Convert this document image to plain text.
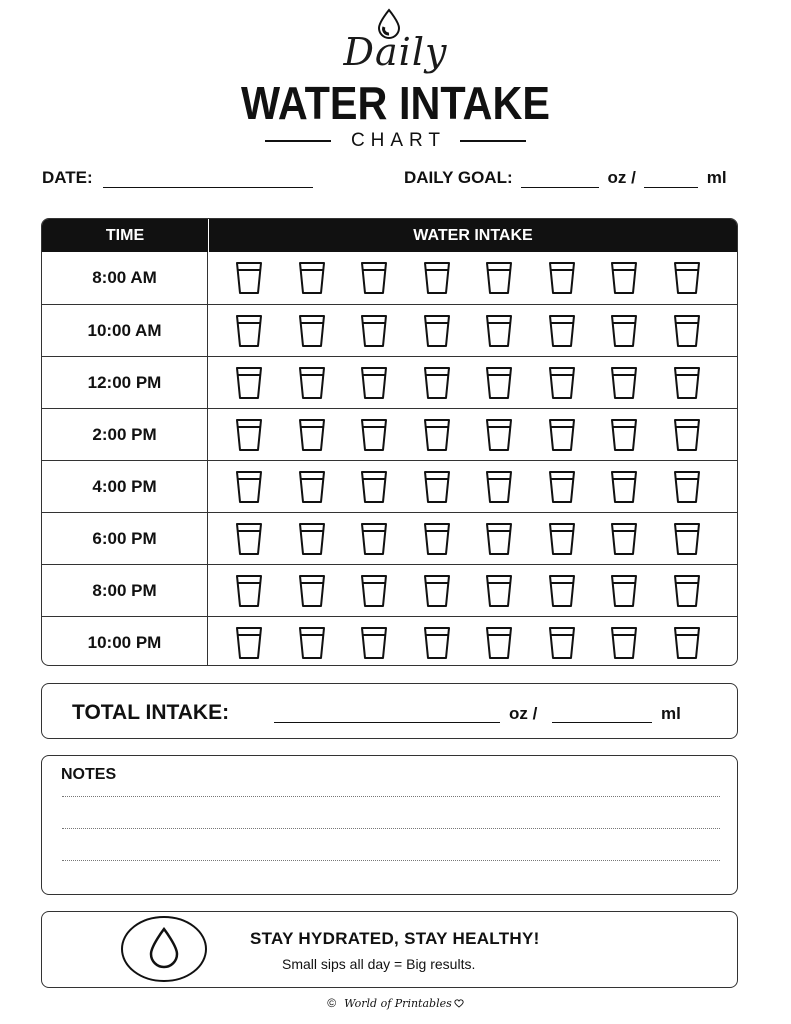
Daily
WATER INTAKE
CHART
DATE:	DAILY GOAL:	oz /	ml
TIME	WATER INTAKE
8:00 AM
10:00 AM
12:00 PM
2:00 PM
4:00 PM
6:00 PM
8:00 PM
10:00 PM
TOTAL INTAKE:	oz /	ml
NOTES
STAY HYDRATED, STAY HEALTHY!
Small sips all day = Big results.
© World of Printables
